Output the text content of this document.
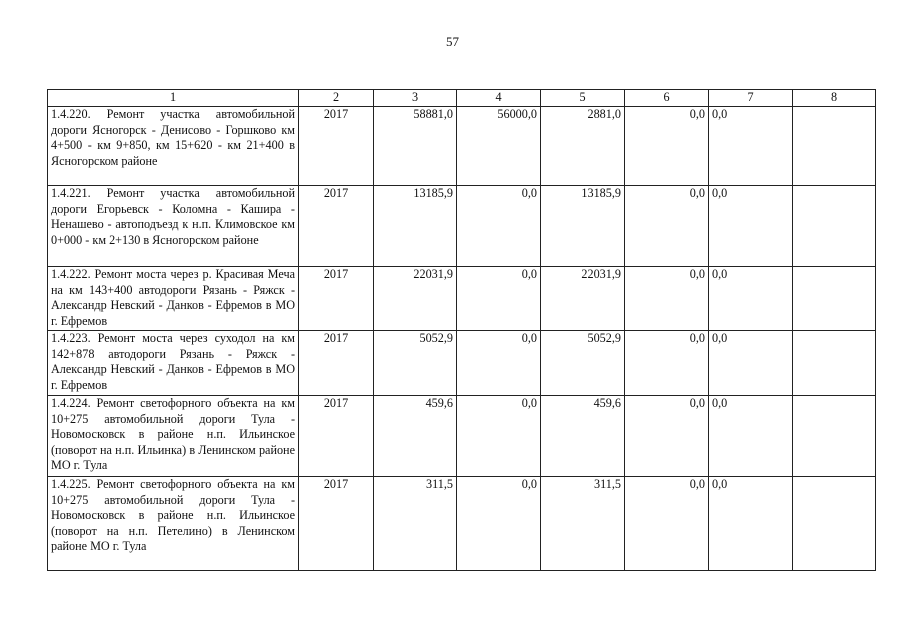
57
1	2	3	4	5	6	7	8
1.4.220. Ремонт участка автомобильной дороги Ясногорск - Денисово - Горшково км 4+500 - км 9+850, км 15+620 - км 21+400 в Ясногорском районе	2017	58881,0	56000,0	2881,0	0,0	0,0	
1.4.221. Ремонт участка автомобильной дороги Егорьевск - Коломна - Кашира - Ненашево - автоподъезд к н.п. Климовское км 0+000 - км 2+130 в Ясногорском районе	2017	13185,9	0,0	13185,9	0,0	0,0	
1.4.222. Ремонт моста через р. Красивая Меча на км 143+400 автодороги Рязань - Ряжск - Александр Невский - Данков - Ефремов в МО г. Ефремов	2017	22031,9	0,0	22031,9	0,0	0,0	
1.4.223. Ремонт моста через суходол на км 142+878 автодороги Рязань - Ряжск - Александр Невский - Данков - Ефремов в МО г. Ефремов	2017	5052,9	0,0	5052,9	0,0	0,0	
1.4.224. Ремонт светофорного объекта на км 10+275 автомобильной дороги Тула - Новомосковск в районе н.п. Ильинское (поворот на н.п. Ильинка) в Ленинском районе МО г. Тула	2017	459,6	0,0	459,6	0,0	0,0	
1.4.225. Ремонт светофорного объекта на км 10+275 автомобильной дороги Тула - Новомосковск в районе н.п. Ильинское (поворот на н.п. Петелино) в Ленинском районе МО г. Тула	2017	311,5	0,0	311,5	0,0	0,0	
